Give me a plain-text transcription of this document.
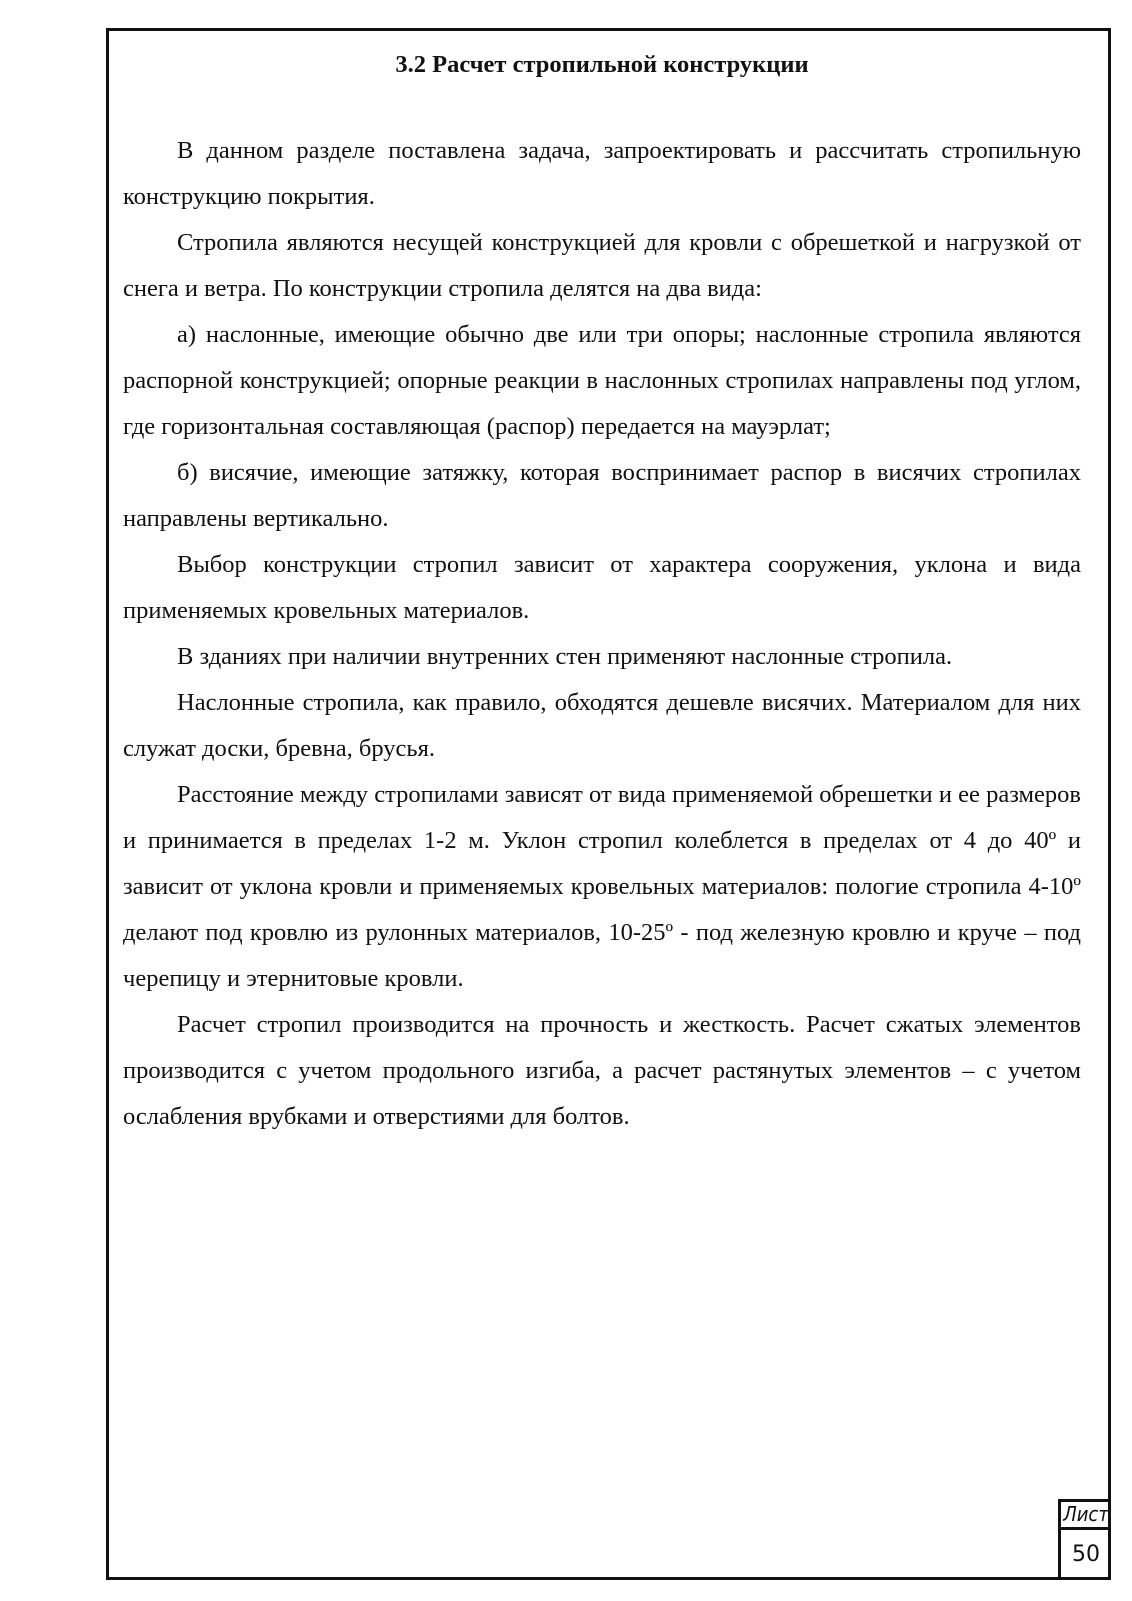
3.2 Расчет стропильной конструкции

В данном разделе поставлена задача, запроектировать и рассчитать стропильную конструкцию покрытия.

Стропила являются несущей конструкцией для кровли с обрешеткой и нагрузкой от снега и ветра. По конструкции стропила делятся на два вида:

а) наслонные, имеющие обычно две или три опоры; наслонные стропила являются распорной конструкцией; опорные реакции в наслонных стропилах направлены под углом, где горизонтальная составляющая (распор) передается на мауэрлат;

б) висячие, имеющие затяжку, которая воспринимает распор в висячих стропилах направлены вертикально.

Выбор конструкции стропил зависит от характера сооружения, уклона и вида применяемых кровельных материалов.

В зданиях при наличии внутренних стен применяют наслонные стропила.

Наслонные стропила, как правило, обходятся дешевле висячих. Материалом для них служат доски, бревна, брусья.

Расстояние между стропилами зависят от вида применяемой обрешетки и ее размеров и принимается в пределах 1-2 м. Уклон стропил колеблется в пределах от 4 до 40º и зависит от уклона кровли и применяемых кровельных материалов: пологие стропила 4-10º делают под кровлю из рулонных материалов, 10-25º - под железную кровлю и круче – под черепицу и этернитовые кровли.

Расчет стропил производится на прочность и жесткость. Расчет сжатых элементов производится с учетом продольного изгиба, а расчет растянутых элементов – с учетом ослабления врубками и отверстиями для болтов.

Лист
50
